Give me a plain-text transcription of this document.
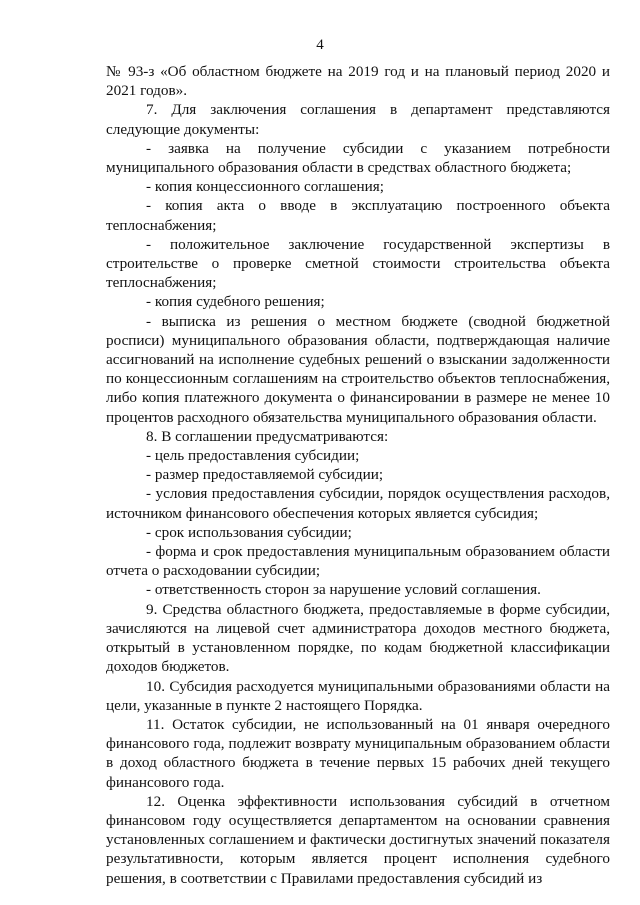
4

№ 93-з «Об областном бюджете на 2019 год и на плановый период 2020 и 2021 годов».

7. Для заключения соглашения в департамент представляются следующие документы:

- заявка на получение субсидии с указанием потребности муниципального образования области в средствах областного бюджета;

- копия концессионного соглашения;

- копия акта о вводе в эксплуатацию построенного объекта теплоснабжения;

- положительное заключение государственной экспертизы в строительстве о проверке сметной стоимости строительства объекта теплоснабжения;

- копия судебного решения;

- выписка из решения о местном бюджете (сводной бюджетной росписи) муниципального образования области, подтверждающая наличие ассигнований на исполнение судебных решений о взыскании задолженности по концессионным соглашениям на строительство объектов теплоснабжения, либо копия платежного документа о финансировании в размере не менее 10 процентов расходного обязательства муниципального образования области.

8. В соглашении предусматриваются:

- цель предоставления субсидии;

- размер предоставляемой субсидии;

- условия предоставления субсидии, порядок осуществления расходов, источником финансового обеспечения которых является субсидия;

- срок использования субсидии;

- форма и срок предоставления муниципальным образованием области отчета о расходовании субсидии;

- ответственность сторон за нарушение условий соглашения.

9. Средства областного бюджета, предоставляемые в форме субсидии, зачисляются на лицевой счет администратора доходов местного бюджета, открытый в установленном порядке, по кодам бюджетной классификации доходов бюджетов.

10. Субсидия расходуется муниципальными образованиями области на цели, указанные в пункте 2 настоящего Порядка.

11. Остаток субсидии, не использованный на 01 января очередного финансового года, подлежит возврату муниципальным образованием области в доход областного бюджета в течение первых 15 рабочих дней текущего финансового года.

12. Оценка эффективности использования субсидий в отчетном финансовом году осуществляется департаментом на основании сравнения установленных соглашением и фактически достигнутых значений показателя результативности, которым является процент исполнения судебного решения, в соответствии с Правилами предоставления субсидий из
